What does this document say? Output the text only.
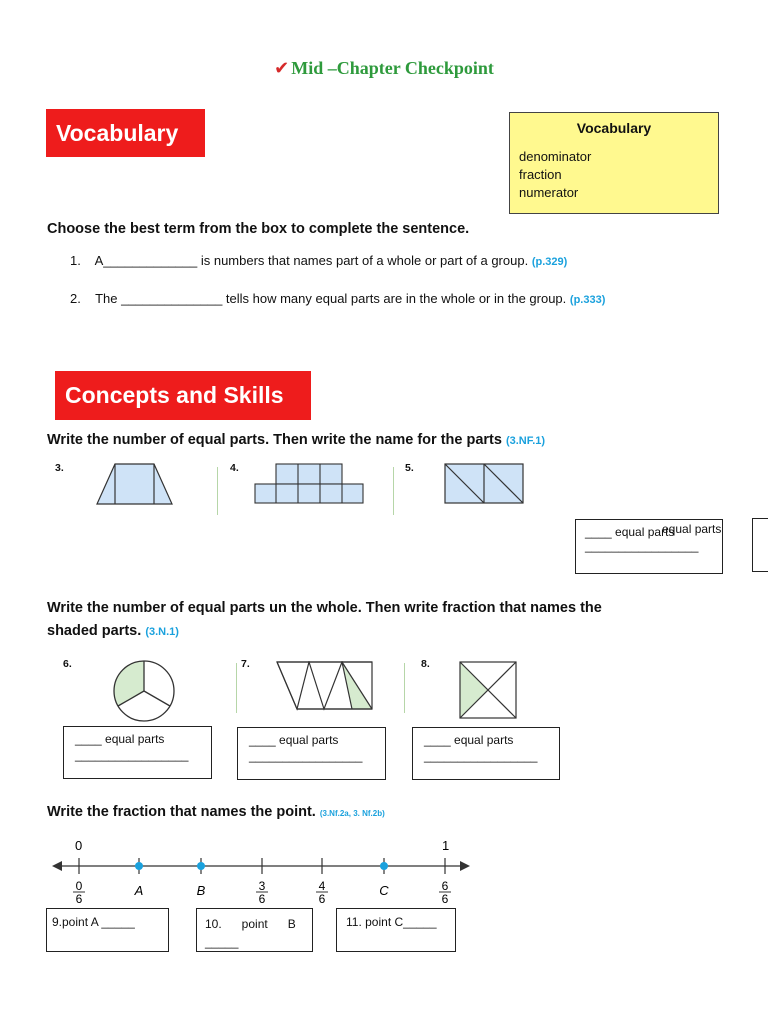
✔ Mid –Chapter Checkpoint
Vocabulary	Vocabulary
denominator
fraction
numerator
Choose the best term from the box to complete the sentence.
1. A_____________ is numbers that names part of a whole or part of a group. (p.329)
2. The ______________ tells how many equal parts are in the whole or in the group. (p.333)
Concepts and Skills
Write the number of equal parts. Then write the name for the parts (3.NF.1)
3.	4.	5.
____ equal parts
_________________
equal parts
Write the number of equal parts un the whole. Then write fraction that names the
shaded parts. (3.N.1)
6.	7.	8.
____ equal parts
_________________
____ equal parts
_________________
____ equal parts
_________________
Write the fraction that names the point. (3.Nf.2a, 3. Nf.2b)
0	1
0
6
A	B	3
6
4
6
C	6
6
9.point A _____	10.      point      B
_____
11. point C_____
